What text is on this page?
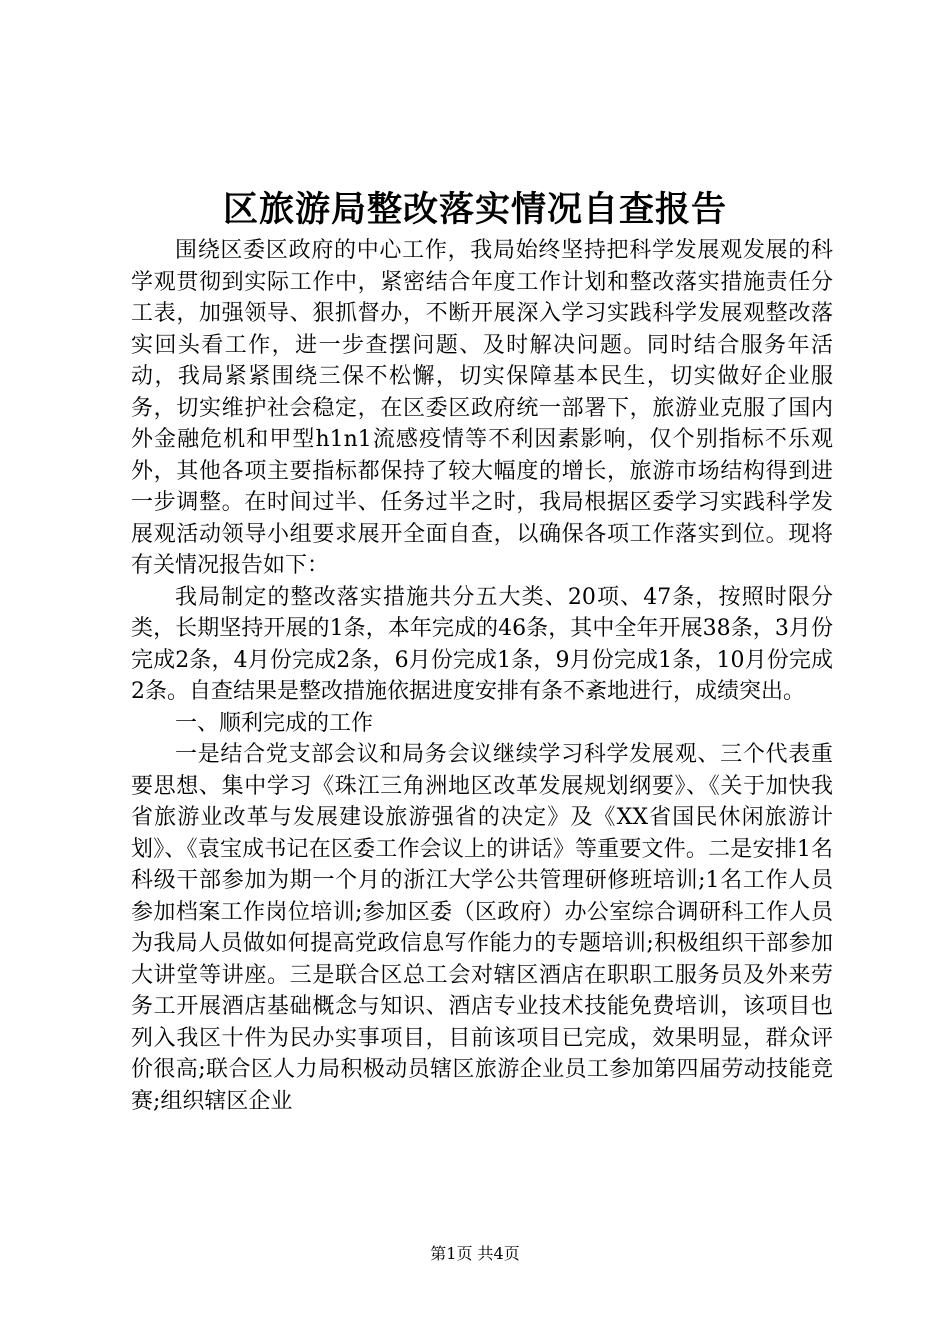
区旅游局整改落实情况自查报告

围绕区委区政府的中心工作，我局始终坚持把科学发展观发展的科学观贯彻到实际工作中，紧密结合年度工作计划和整改落实措施责任分工表，加强领导、狠抓督办，不断开展深入学习实践科学发展观整改落实回头看工作，进一步查摆问题、及时解决问题。同时结合服务年活动，我局紧紧围绕三保不松懈，切实保障基本民生，切实做好企业服务，切实维护社会稳定，在区委区政府统一部署下，旅游业克服了国内外金融危机和甲型h1n1流感疫情等不利因素影响，仅个别指标不乐观外，其他各项主要指标都保持了较大幅度的增长，旅游市场结构得到进一步调整。在时间过半、任务过半之时，我局根据区委学习实践科学发展观活动领导小组要求展开全面自查，以确保各项工作落实到位。现将有关情况报告如下：

我局制定的整改落实措施共分五大类、20项、47条，按照时限分类，长期坚持开展的1条，本年完成的46条，其中全年开展38条，3月份完成2条，4月份完成2条，6月份完成1条，9月份完成1条，10月份完成2条。自查结果是整改措施依据进度安排有条不紊地进行，成绩突出。

一、顺利完成的工作

一是结合党支部会议和局务会议继续学习科学发展观、三个代表重要思想、集中学习《珠江三角洲地区改革发展规划纲要》、《关于加快我省旅游业改革与发展建设旅游强省的决定》及《XX省国民休闲旅游计划》、《袁宝成书记在区委工作会议上的讲话》等重要文件。二是安排1名科级干部参加为期一个月的浙江大学公共管理研修班培训;1名工作人员参加档案工作岗位培训;参加区委（区政府）办公室综合调研科工作人员为我局人员做如何提高党政信息写作能力的专题培训;积极组织干部参加大讲堂等讲座。三是联合区总工会对辖区酒店在职职工服务员及外来劳务工开展酒店基础概念与知识、酒店专业技术技能免费培训，该项目也列入我区十件为民办实事项目，目前该项目已完成，效果明显，群众评价很高;联合区人力局积极动员辖区旅游企业员工参加第四届劳动技能竞赛;组织辖区企业

第1页 共4页
